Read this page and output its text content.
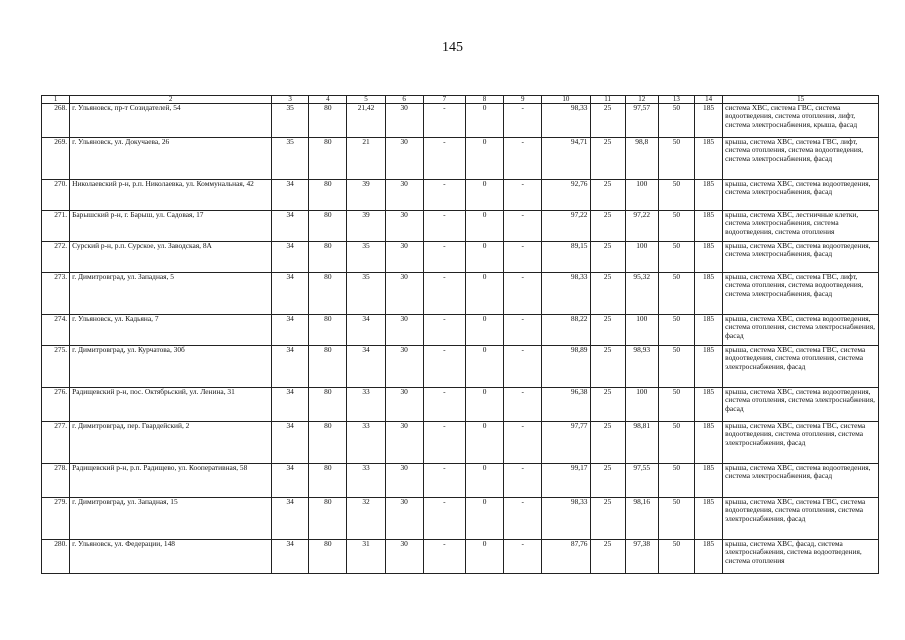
145
1	2	3	4	5	6	7	8	9	10	11	12	13	14	15
268.	г. Ульяновск, пр-т Созидателей, 54	35	80	21,42	30	-	0	-	98,33	25	97,57	50	185	система ХВС, система ГВС, система водоотведения, система отопления, лифт, система электроснабжения, крыша, фасад
269.	г. Ульяновск, ул. Докучаева, 26	35	80	21	30	-	0	-	94,71	25	98,8	50	185	крыша, система ХВС, система ГВС, лифт, система отопления, система водоотведения, система электроснабжения, фасад
270.	Николаевский р-н, р.п. Николаевка, ул. Коммунальная, 42	34	80	39	30	-	0	-	92,76	25	100	50	185	крыша, система ХВС, система водоотведения, система электроснабжения, фасад
271.	Барышский р-н, г. Барыш, ул. Садовая, 17	34	80	39	30	-	0	-	97,22	25	97,22	50	185	крыша, система ХВС, лестничные клетки, система электроснабжения, система водоотведения, система отопления
272.	Сурский р-н, р.п. Сурское, ул. Заводская, 8А	34	80	35	30	-	0	-	89,15	25	100	50	185	крыша, система ХВС, система водоотведения, система электроснабжения, фасад
273.	г. Димитровград, ул. Западная, 5	34	80	35	30	-	0	-	98,33	25	95,32	50	185	крыша, система ХВС, система ГВС, лифт, система отопления, система водоотведения, система электроснабжения, фасад
274.	г. Ульяновск, ул. Кадьяна, 7	34	80	34	30	-	0	-	88,22	25	100	50	185	крыша, система ХВС, система водоотведения, система отопления, система электроснабжения, фасад
275.	г. Димитровград, ул. Курчатова, 30б	34	80	34	30	-	0	-	98,89	25	98,93	50	185	крыша, система ХВС, система ГВС, система водоотведения, система отопления, система электроснабжения, фасад
276.	Радищевский р-н, пос. Октябрьский, ул. Ленина, 31	34	80	33	30	-	0	-	96,38	25	100	50	185	крыша, система ХВС, система водоотведения, система отопления, система электроснабжения, фасад
277.	г. Димитровград, пер. Гвардейский, 2	34	80	33	30	-	0	-	97,77	25	98,81	50	185	крыша, система ХВС, система ГВС, система водоотведения, система отопления, система электроснабжения, фасад
278.	Радищевский р-н, р.п. Радищево, ул. Кооперативная, 58	34	80	33	30	-	0	-	99,17	25	97,55	50	185	крыша, система ХВС, система водоотведения, система электроснабжения, фасад
279.	г. Димитровград, ул. Западная, 15	34	80	32	30	-	0	-	98,33	25	98,16	50	185	крыша, система ХВС, система ГВС, система водоотведения, система отопления, система электроснабжения, фасад
280.	г. Ульяновск, ул. Федерации, 148	34	80	31	30	-	0	-	87,76	25	97,38	50	185	крыша, система ХВС, фасад, система электроснабжения, система водоотведения, система отопления
